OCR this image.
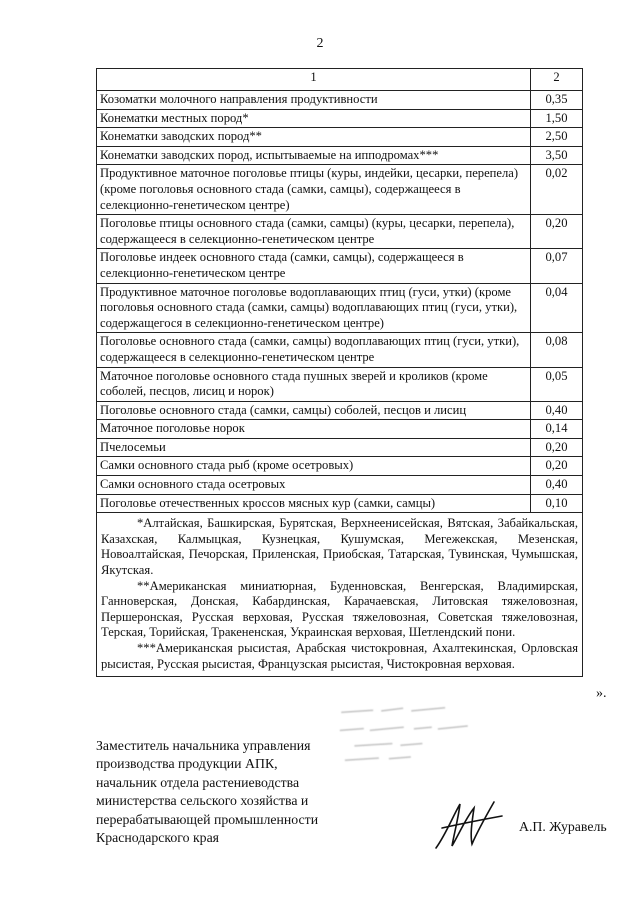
2
1	2
Козоматки молочного направления продуктивности	0,35
Конематки местных пород*	1,50
Конематки заводских пород**	2,50
Конематки заводских пород, испытываемые на ипподромах***	3,50
Продуктивное маточное поголовье птицы (куры, индейки, цесарки, перепела) (кроме поголовья основного стада (самки, самцы), содержащееся в селекционно-генетическом центре)	0,02
Поголовье птицы основного стада (самки, самцы) (куры, цесарки, перепела), содержащееся в селекционно-генетическом центре	0,20
Поголовье индеек основного стада (самки, самцы), содержащееся в селекционно-генетическом центре	0,07
Продуктивное маточное поголовье водоплавающих птиц (гуси, утки) (кроме поголовья основного стада (самки, самцы) водоплавающих птиц (гуси, утки), содержащегося в селекционно-генетическом центре)	0,04
Поголовье основного стада (самки, самцы) водоплавающих птиц (гуси, утки), содержащееся в селекционно-генетическом центре	0,08
Маточное поголовье основного стада пушных зверей и кроликов (кроме соболей, песцов, лисиц и норок)	0,05
Поголовье основного стада (самки, самцы) соболей, песцов и лисиц	0,40
Маточное поголовье норок	0,14
Пчелосемьи	0,20
Самки основного стада рыб (кроме осетровых)	0,20
Самки основного стада осетровых	0,40
Поголовье отечественных кроссов мясных кур (самки, самцы)	0,10

*Алтайская, Башкирская, Бурятская, Верхнеенисейская, Вятская, Забайкальская, Казахская, Калмыцкая, Кузнецкая, Кушумская, Мегежекская, Мезенская, Новоалтайская, Печорская, Приленская, Приобская, Татарская, Тувинская, Чумышская, Якутская.

**Американская миниатюрная, Буденновская, Венгерская, Владимирская, Ганноверская, Донская, Кабардинская, Карачаевская, Литовская тяжеловозная, Першеронская, Русская верховая, Русская тяжеловозная, Советская тяжеловозная, Терская, Торийская, Тракененская, Украинская верховая, Шетлендский пони.

***Американская рысистая, Арабская чистокровная, Ахалтекинская, Орловская рысистая, Русская рысистая, Французская рысистая, Чистокровная верховая.	

».
Заместитель начальника управления
производства продукции АПК,
начальник отдела растениеводства
министерства сельского хозяйства и
перерабатывающей промышленности
Краснодарского края
А.П. Журавель
